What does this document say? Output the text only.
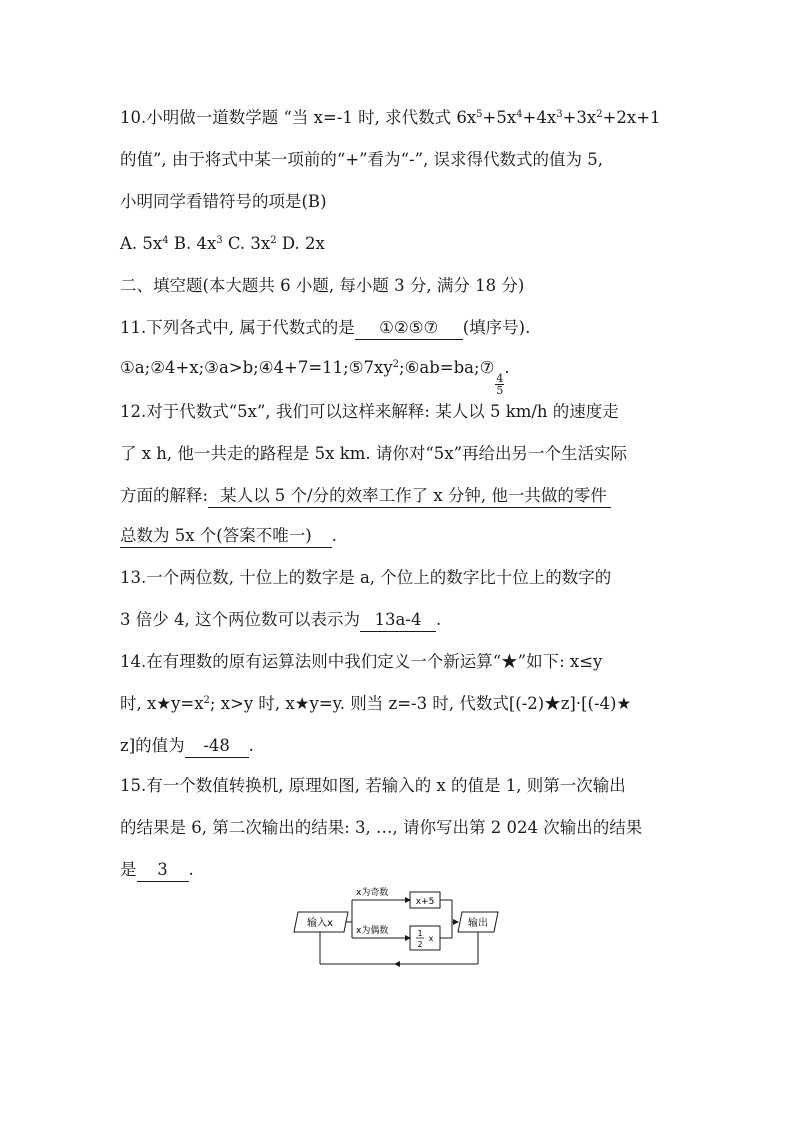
10.小明做一道数学题 “当 x=-1 时, 求代数式 $6x^5+5x^4+4x^3+3x^2+2x+1$
的值”, 由于将式中某一项前的“+”看为“-”, 误求得代数式的值为 5,
小明同学看错符号的项是(B)
A. $5x^4$ B. $4x^3$ C. $3x^2$ D. 2x
二、填空题(本大题共 6 小题, 每小题 3 分, 满分 18 分)
11.下列各式中, 属于代数式的是 ①②⑤⑦ (填序号).
$①a;②4+x;③a>b;④4+7=11;⑤7xy^2;⑥ab=ba;⑦$
$\frac{4}{5}$
.
12.对于代数式“5x”, 我们可以这样来解释: 某人以 5 km/h 的速度走
了 x h, 他一共走的路程是 5x km. 请你对“5x”再给出另一个生活实际
方面的解释: 某人以 5 个/分的效率工作了 x 分钟, 他一共做的零件
总数为 5x 个(答案不唯一) .
13.一个两位数, 十位上的数字是 a, 个位上的数字比十位上的数字的
3 倍少 4, 这个两位数可以表示为 13a-4 .
14.在有理数的原有运算法则中我们定义一个新运算“★”如下: x≤y
时, $x★y=x^2$; x>y 时, x★y=y. 则当 z=-3 时, 代数式[(-2)★z]·[(-4)★
z]的值为 -48 .
15.有一个数值转换机, 原理如图, 若输入的 x 的值是 1, 则第一次输出
的结果是 6, 第二次输出的结果: 3, …, 请你写出第 2 024 次输出的结果
是 3 .
输入x
x为奇数
x为偶数
x+5
1
2
x
输出
